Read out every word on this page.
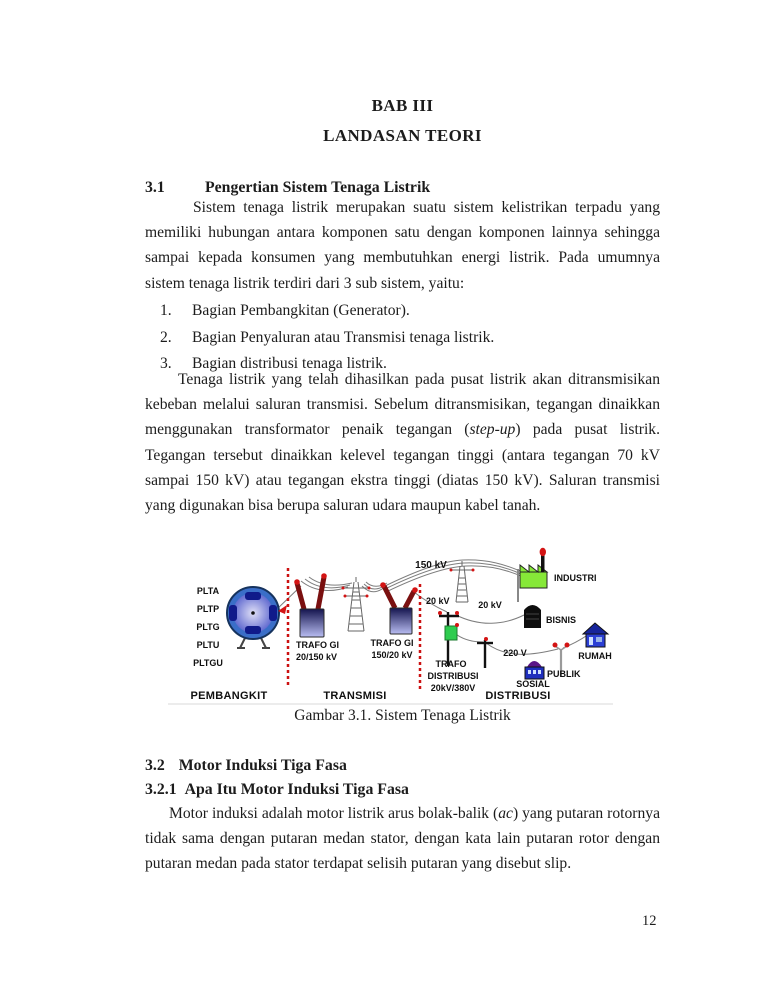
BAB III
LANDASAN TEORI
3.1	Pengertian Sistem Tenaga Listrik

Sistem tenaga listrik merupakan suatu sistem kelistrikan terpadu yang memiliki hubungan antara komponen satu dengan komponen lainnya sehingga sampai kepada konsumen yang membutuhkan energi listrik. Pada umumnya sistem tenaga listrik terdiri dari 3 sub sistem, yaitu:

1.	Bagian Pembangkitan (Generator).
2.	Bagian Penyaluran atau Transmisi tenaga listrik.
3.	Bagian distribusi tenaga listrik.

Tenaga listrik yang telah dihasilkan pada pusat listrik akan ditransmisikan kebeban melalui saluran transmisi. Sebelum ditransmisikan, tegangan dinaikkan menggunakan transformator penaik tegangan (step-up) pada pusat listrik. Tegangan tersebut dinaikkan kelevel tegangan tinggi (antara tegangan 70 kV sampai 150 kV) atau tegangan ekstra tinggi (diatas 150 kV). Saluran transmisi yang digunakan bisa berupa saluran udara maupun kabel tanah.

PLTA
PLTP
PLTG
PLTU
PLTGU
TRAFO GI
20/150 kV
TRAFO GI
150/20 kV
150 kV
20 kV	20 kV
TRAFO
DISTRIBUSI
20kV/380V
220 V
INDUSTRI
BISNIS
SOSIAL
PUBLIK
RUMAH
PEMBANGKIT	TRANSMISI	DISTRIBUSI
Gambar 3.1. Sistem Tenaga Listrik
3.2 Motor Induksi Tiga Fasa
3.2.1 Apa Itu Motor Induksi Tiga Fasa

Motor induksi adalah motor listrik arus bolak-balik (ac) yang putaran rotornya tidak sama dengan putaran medan stator, dengan kata lain putaran rotor dengan putaran medan pada stator terdapat selisih putaran yang disebut slip.

12
